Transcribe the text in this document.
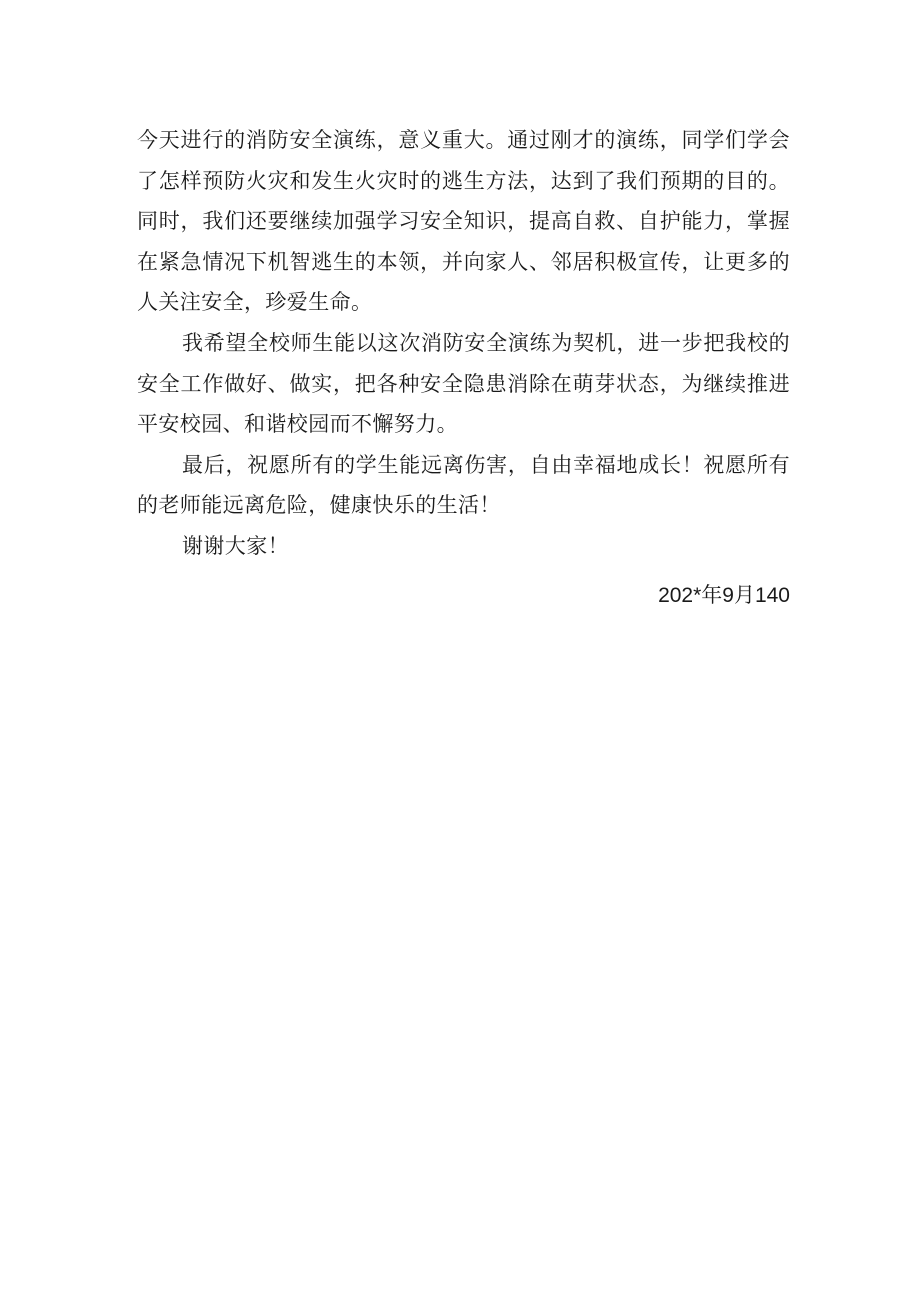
今天进行的消防安全演练，意义重大。通过刚才的演练，同学们学会了怎样预防火灾和发生火灾时的逃生方法，达到了我们预期的目的。同时，我们还要继续加强学习安全知识，提高自救、自护能力，掌握在紧急情况下机智逃生的本领，并向家人、邻居积极宣传，让更多的人关注安全，珍爱生命。

我希望全校师生能以这次消防安全演练为契机，进一步把我校的安全工作做好、做实，把各种安全隐患消除在萌芽状态，为继续推进平安校园、和谐校园而不懈努力。

最后，祝愿所有的学生能远离伤害，自由幸福地成长！祝愿所有的老师能远离危险，健康快乐的生活！

谢谢大家！

202*年9月140
